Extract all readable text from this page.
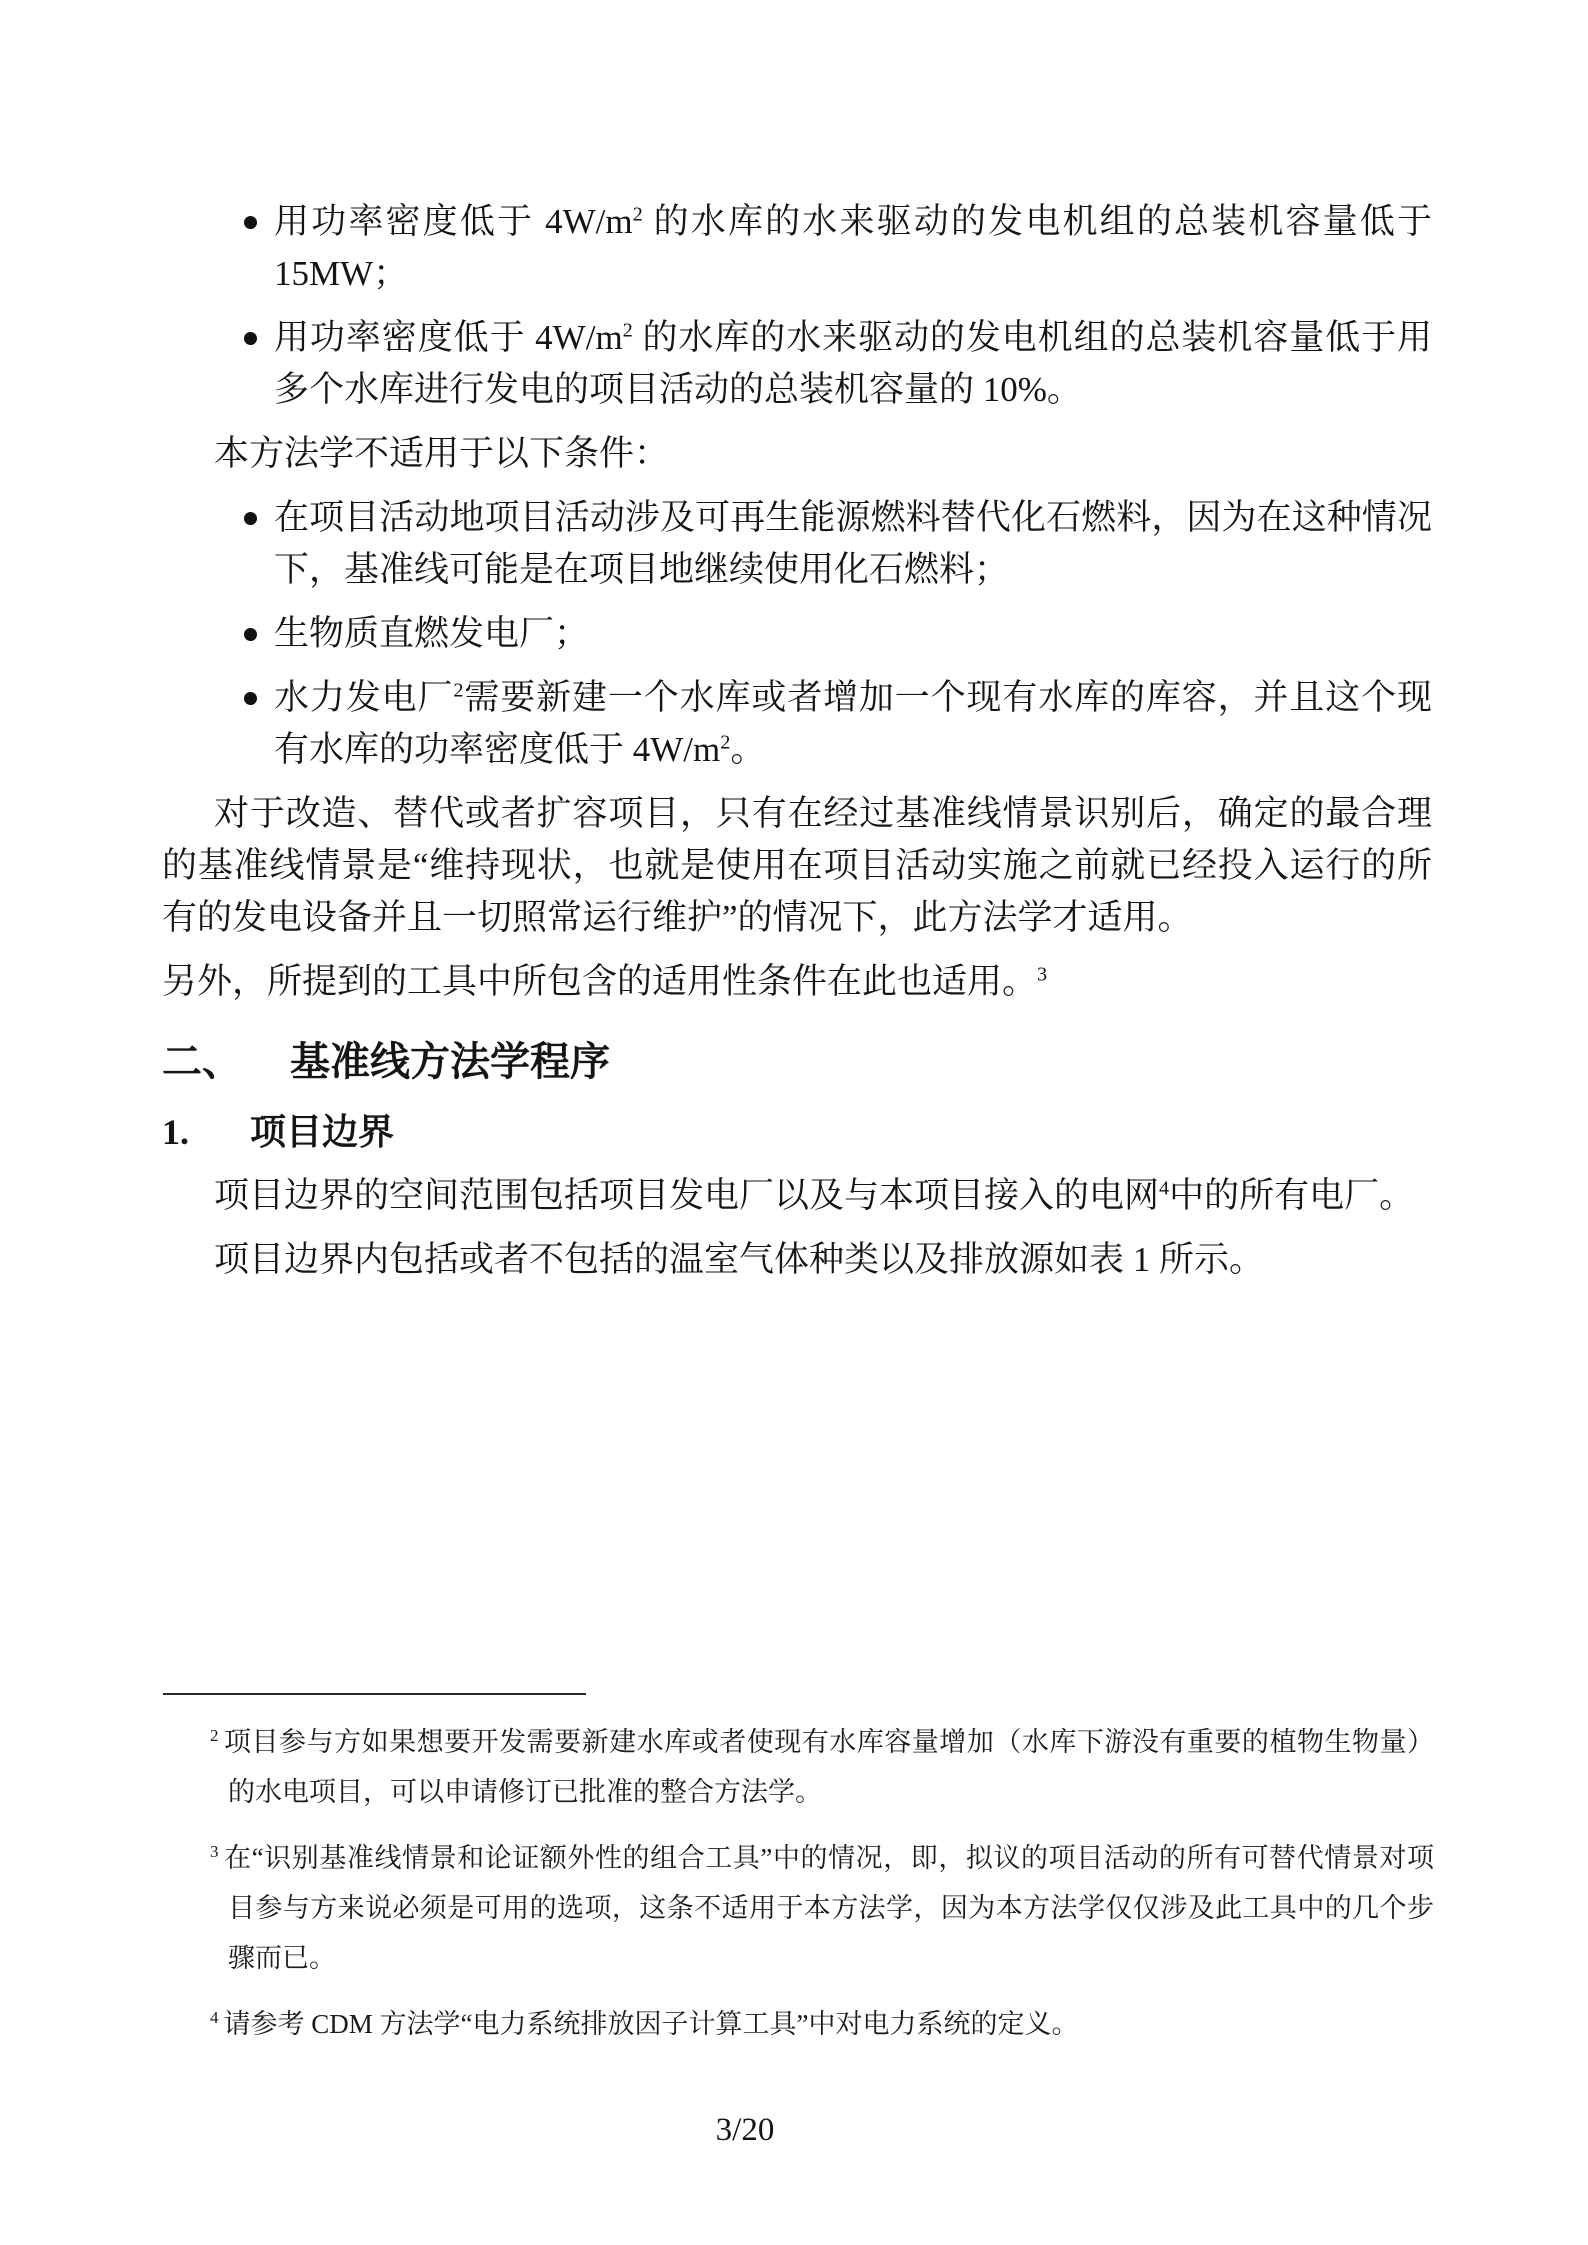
用功率密度低于 $4W/m^2$ 的水库的水来驱动的发电机组的总装机容量低于 15MW；
用功率密度低于 $4W/m^2$ 的水库的水来驱动的发电机组的总装机容量低于用多个水库进行发电的项目活动的总装机容量的 10%。

本方法学不适用于以下条件：

在项目活动地项目活动涉及可再生能源燃料替代化石燃料，因为在这种情况下，基准线可能是在项目地继续使用化石燃料；
生物质直燃发电厂；
水力发电厂$^2$需要新建一个水库或者增加一个现有水库的库容，并且这个现有水库的功率密度低于 $4W/m^2$。

对于改造、替代或者扩容项目，只有在经过基准线情景识别后，确定的最合理的基准线情景是“维持现状，也就是使用在项目活动实施之前就已经投入运行的所有的发电设备并且一切照常运行维护”的情况下，此方法学才适用。

另外，所提到的工具中所包含的适用性条件在此也适用。$^3$

二、 基准线方法学程序
1. 项目边界

项目边界的空间范围包括项目发电厂以及与本项目接入的电网$^4$中的所有电厂。

项目边界内包括或者不包括的温室气体种类以及排放源如表 1 所示。

$^2$ 项目参与方如果想要开发需要新建水库或者使现有水库容量增加（水库下游没有重要的植物生物量）的水电项目，可以申请修订已批准的整合方法学。
$^3$ 在“识别基准线情景和论证额外性的组合工具”中的情况，即，拟议的项目活动的所有可替代情景对项目参与方来说必须是可用的选项，这条不适用于本方法学，因为本方法学仅仅涉及此工具中的几个步骤而已。
$^4$ 请参考 CDM 方法学“电力系统排放因子计算工具”中对电力系统的定义。
3/20
